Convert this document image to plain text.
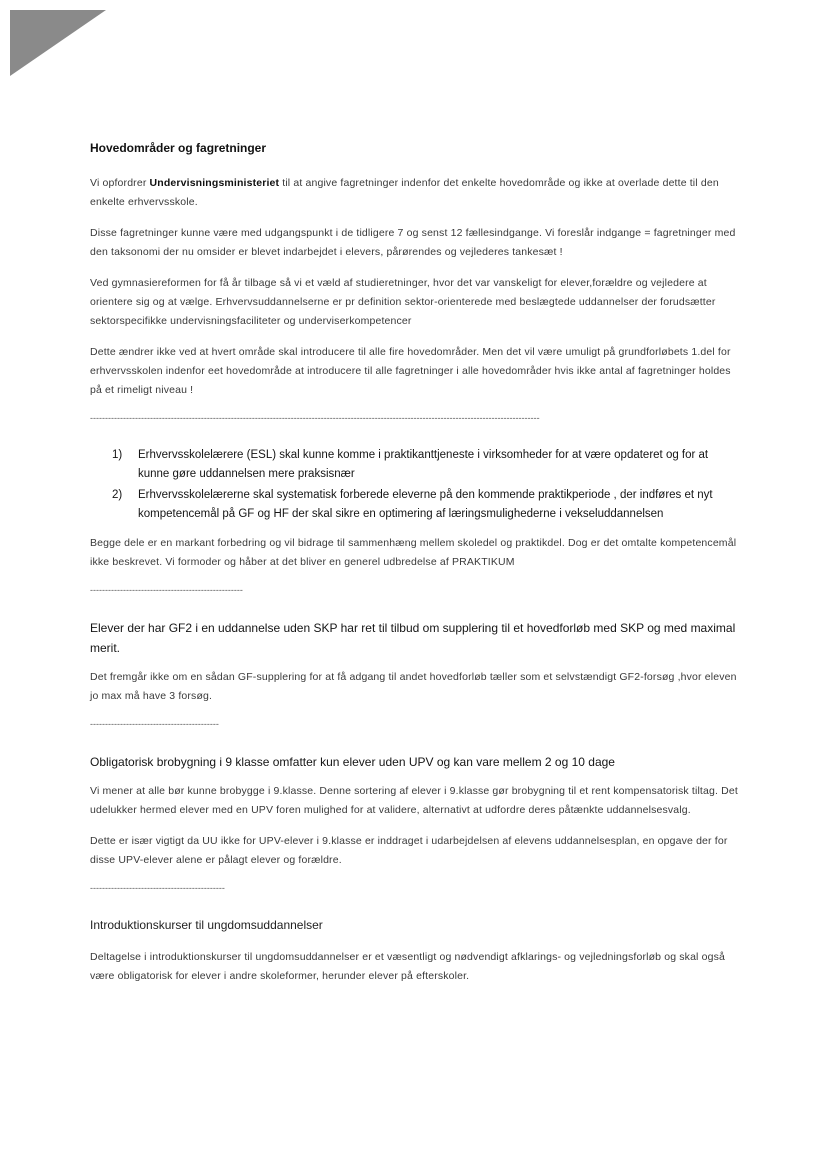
Hovedområder og fagretninger

Vi opfordrer Undervisningsministeriet til at angive fagretninger indenfor det enkelte hovedområde og ikke at overlade dette til den enkelte erhvervsskole.

Disse fagretninger kunne være med udgangspunkt i de tidligere 7 og senst 12 fællesindgange. Vi foreslår indgange = fagretninger med den taksonomi der nu omsider er blevet indarbejdet i elevers, pårørendes og vejlederes tankesæt !

Ved gymnasiereformen for få år tilbage så vi et væld af studieretninger, hvor det var vanskeligt for elever,forældre og vejledere at orientere sig og at vælge. Erhvervsuddannelserne er pr definition sektor-orienterede med beslægtede uddannelser der forudsætter sektorspecifikke undervisningsfaciliteter og underviserkompetencer

Dette ændrer ikke ved at hvert område skal introducere til alle fire hovedområder. Men det vil være umuligt på grundforløbets 1.del for erhvervsskolen indenfor eet hovedområde at introducere til alle fagretninger i alle hovedområder hvis ikke antal af fagretninger holdes på et rimeligt niveau !

------------------------------------------------------------------------------------------------------------------------------------------------------
1) Erhvervsskolelærere (ESL) skal kunne komme i praktikanttjeneste i virksomheder for at være opdateret og for at kunne gøre uddannelsen mere praksisnær
2) Erhvervsskolelærerne skal systematisk forberede eleverne på den kommende praktikperiode , der indføres et nyt kompetencemål på GF og HF der skal sikre en optimering af læringsmulighederne i vekseluddannelsen

Begge dele er en markant forbedring og vil bidrage til sammenhæng mellem skoledel og praktikdel. Dog er det omtalte kompetencemål ikke beskrevet. Vi formoder og håber at det bliver en generel udbredelse af PRAKTIKUM

---------------------------------------------------
Elever der har GF2 i en uddannelse uden SKP har ret til tilbud om supplering til et hovedforløb med SKP og med maximal merit.

Det fremgår ikke om en sådan GF-supplering for at få adgang til andet hovedforløb tæller som et selvstændigt GF2-forsøg ,hvor eleven jo max må have 3 forsøg.

-------------------------------------------
Obligatorisk brobygning i 9 klasse omfatter kun elever uden UPV og kan vare mellem 2 og 10 dage

Vi mener at alle bør kunne brobygge i 9.klasse. Denne sortering af elever i 9.klasse gør brobygning til et rent kompensatorisk tiltag. Det udelukker hermed elever med en UPV foren mulighed for at validere, alternativt at udfordre deres påtænkte uddannelsesvalg.

Dette er især vigtigt da UU ikke for UPV-elever i 9.klasse er inddraget i udarbejdelsen af elevens uddannelsesplan, en opgave der for disse UPV-elever alene er pålagt elever og forældre.

---------------------------------------------
Introduktionskurser til ungdomsuddannelser

Deltagelse i introduktionskurser til ungdomsuddannelser er et væsentligt og nødvendigt afklarings- og vejledningsforløb og skal også være obligatorisk for elever i andre skoleformer, herunder elever på efterskoler.
